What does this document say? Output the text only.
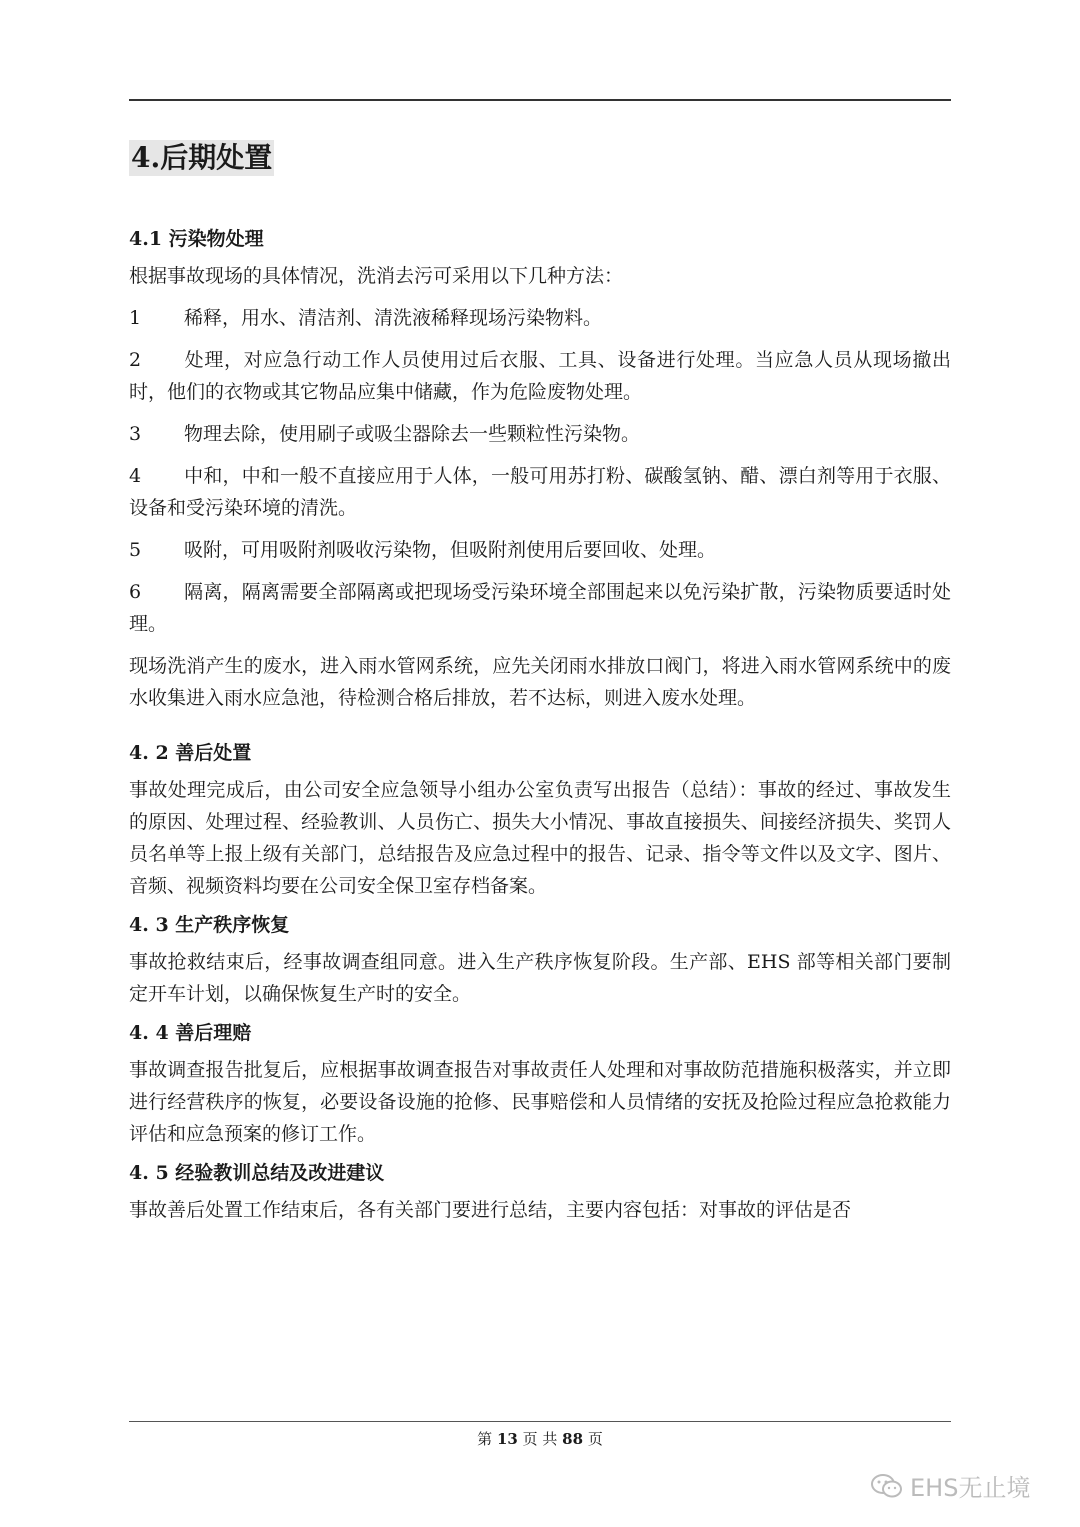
4.后期处置
4.1 污染物处理

根据事故现场的具体情况，洗消去污可采用以下几种方法：

1 稀释，用水、清洁剂、清洗液稀释现场污染物料。

2 处理，对应急行动工作人员使用过后衣服、工具、设备进行处理。当应急人员从现场撤出时，他们的衣物或其它物品应集中储藏，作为危险废物处理。

3 物理去除，使用刷子或吸尘器除去一些颗粒性污染物。

4 中和，中和一般不直接应用于人体，一般可用苏打粉、碳酸氢钠、醋、漂白剂等用于衣服、设备和受污染环境的清洗。

5 吸附，可用吸附剂吸收污染物，但吸附剂使用后要回收、处理。

6 隔离，隔离需要全部隔离或把现场受污染环境全部围起来以免污染扩散，污染物质要适时处理。

现场洗消产生的废水，进入雨水管网系统，应先关闭雨水排放口阀门，将进入雨水管网系统中的废水收集进入雨水应急池，待检测合格后排放，若不达标，则进入废水处理。

4. 2 善后处置

事故处理完成后，由公司安全应急领导小组办公室负责写出报告（总结）：事故的经过、事故发生的原因、处理过程、经验教训、人员伤亡、损失大小情况、事故直接损失、间接经济损失、奖罚人员名单等上报上级有关部门，总结报告及应急过程中的报告、记录、指令等文件以及文字、图片、音频、视频资料均要在公司安全保卫室存档备案。

4. 3 生产秩序恢复

事故抢救结束后，经事故调查组同意。进入生产秩序恢复阶段。生产部、EHS 部等相关部门要制定开车计划，以确保恢复生产时的安全。

4. 4 善后理赔

事故调查报告批复后，应根据事故调查报告对事故责任人处理和对事故防范措施积极落实，并立即进行经营秩序的恢复，必要设备设施的抢修、民事赔偿和人员情绪的安抚及抢险过程应急抢救能力评估和应急预案的修订工作。

4. 5 经验教训总结及改进建议

事故善后处置工作结束后，各有关部门要进行总结，主要内容包括：对事故的评估是否

第 13 页 共 88 页
EHS无止境
